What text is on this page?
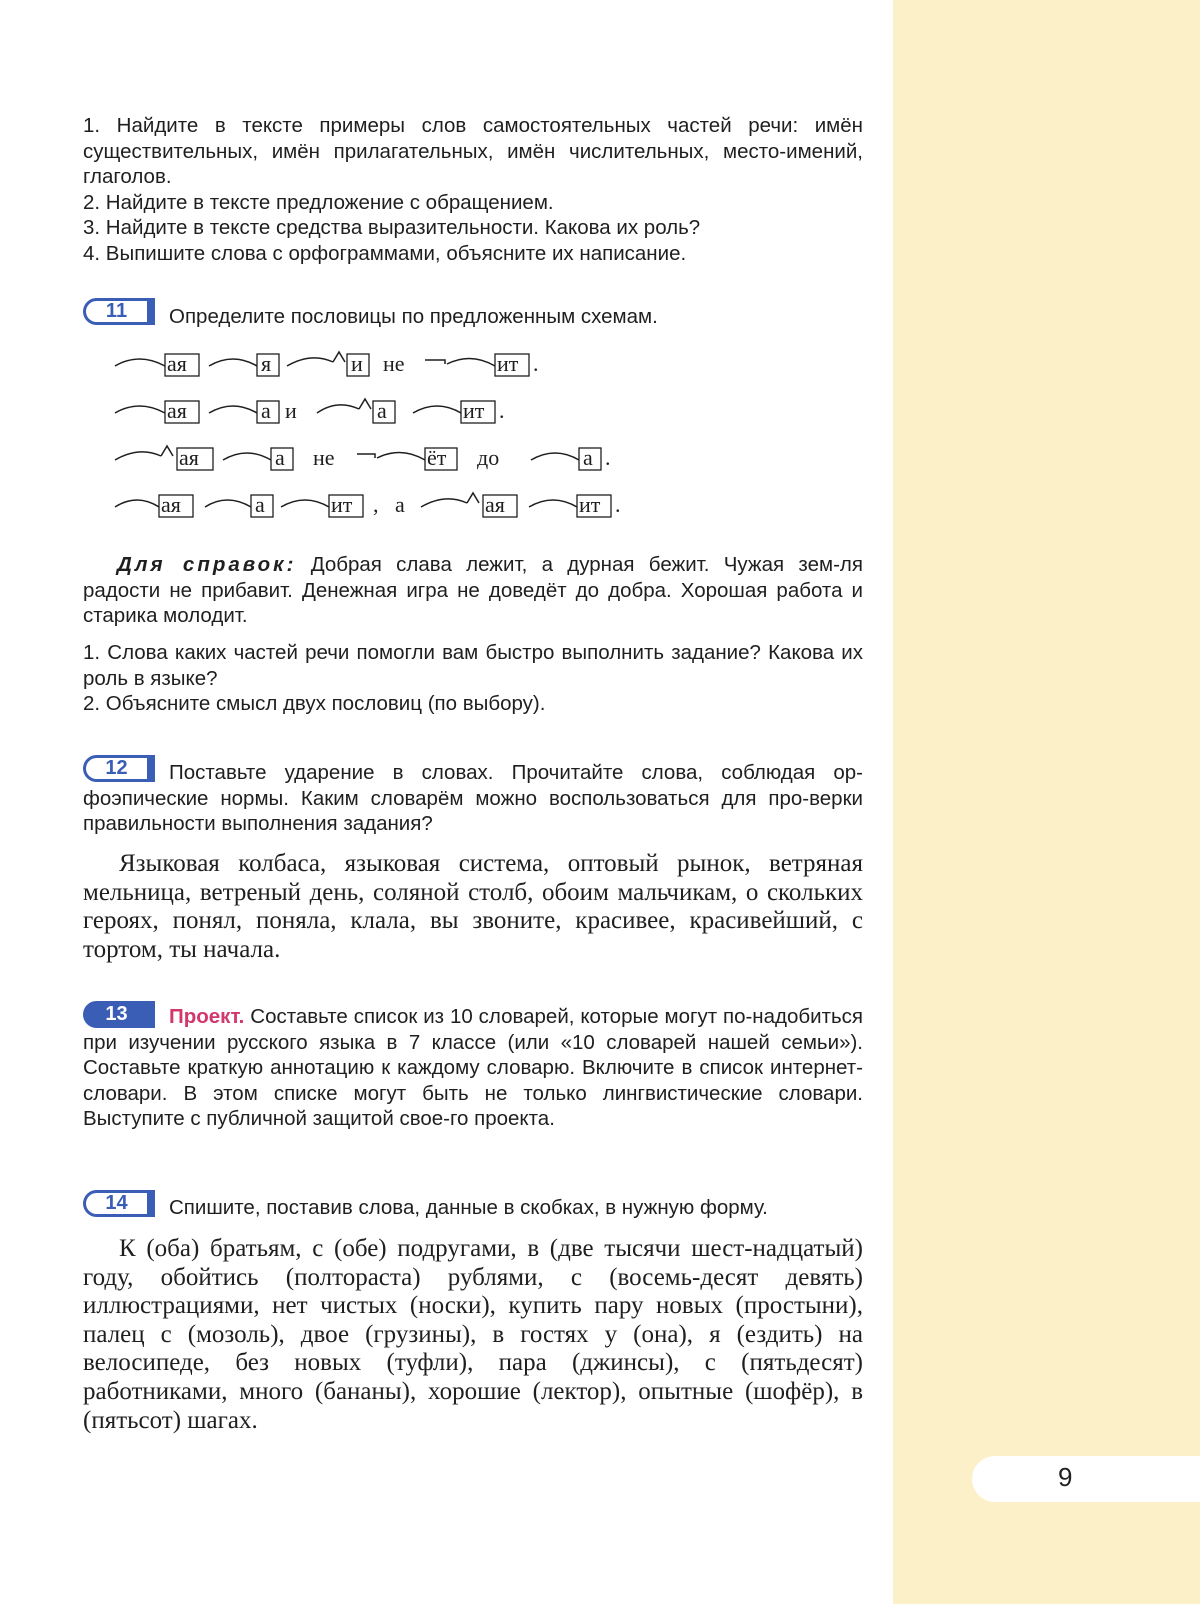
9
1. Найдите в тексте примеры слов самостоятельных частей речи: имён существительных, имён прилагательных, имён числительных, место-имений, глаголов.
2. Найдите в тексте предложение с обращением.
3. Найдите в тексте средства выразительности. Какова их роль?
4. Выпишите слова с орфограммами, объясните их написание.
11	Определите пословицы по предложенным схемам.
ая	я	и не	ит .
ая	а и	а	ит .
ая	а не	ёт до	а .
ая	а	ит , а	ая	ит .
Для справок: Добрая слава лежит, а дурная бежит. Чужая зем-ля радости не прибавит. Денежная игра не доведёт до добра. Хорошая работа и старика молодит.
1. Слова каких частей речи помогли вам быстро выполнить задание? Какова их роль в языке?
2. Объясните смысл двух пословиц (по выбору).
12	Поставьте ударение в словах. Прочитайте слова, соблюдая ор-фоэпические нормы. Каким словарём можно воспользоваться для про-верки правильности выполнения задания?
Языковая колбаса, языковая система, оптовый рынок, ветряная мельница, ветреный день, соляной столб, обоим мальчикам, о скольких героях, понял, поняла, клала, вы звоните, красивее, красивейший, с тортом, ты начала.
13	Проект. Составьте список из 10 словарей, которые могут по-надобиться при изучении русского языка в 7 классе (или «10 словарей нашей семьи»). Составьте краткую аннотацию к каждому словарю. Включите в список интернет-словари. В этом списке могут быть не только лингвистические словари. Выступите с публичной защитой свое-го проекта.
14	Спишите, поставив слова, данные в скобках, в нужную форму.
К (оба) братьям, с (обе) подругами, в (две тысячи шест-надцатый) году, обойтись (полтораста) рублями, с (восемь-десят девять) иллюстрациями, нет чистых (носки), купить пару новых (простыни), палец с (мозоль), двое (грузины), в гостях у (она), я (ездить) на велосипеде, без новых (туфли), пара (джинсы), с (пятьдесят) работниками, много (бананы), хорошие (лектор), опытные (шофёр), в (пятьсот) шагах.
